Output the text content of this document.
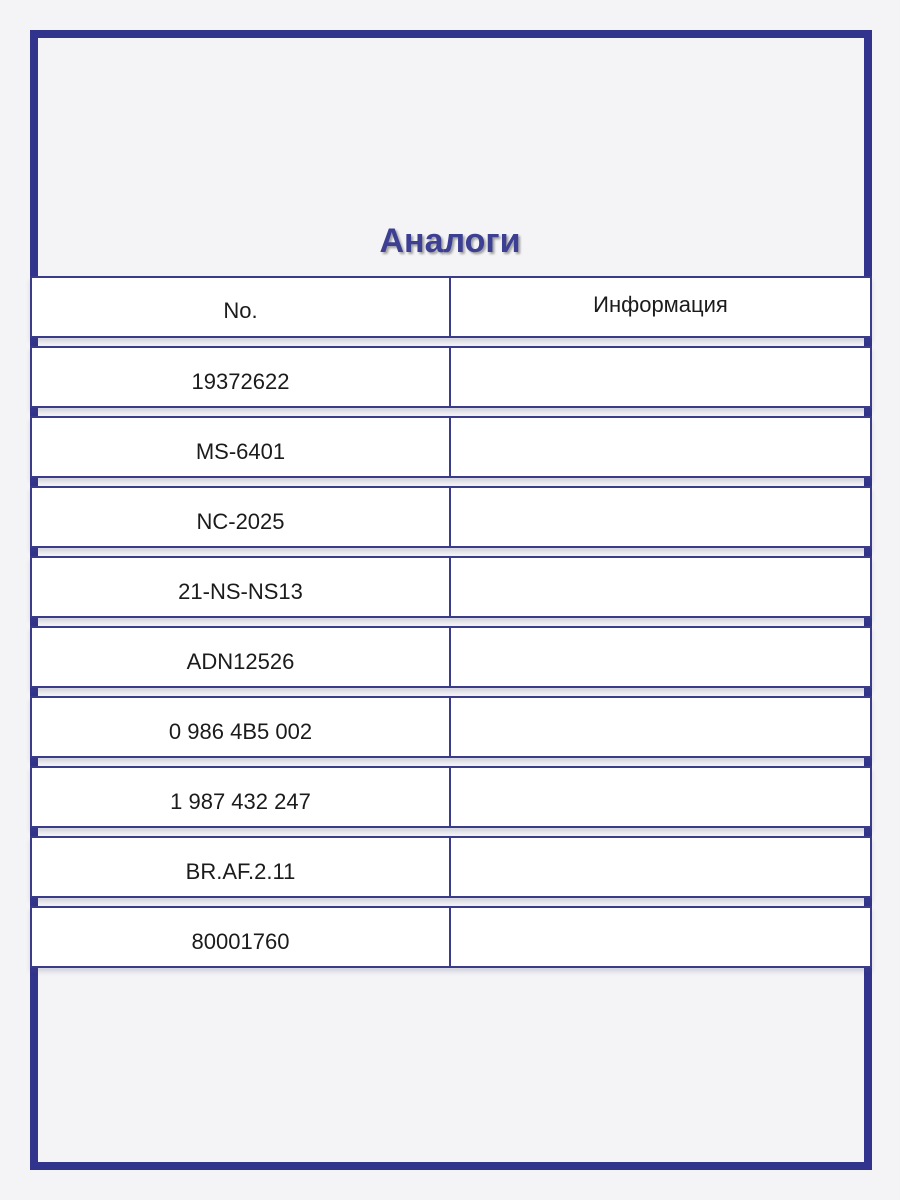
Аналоги
No.	Информация
19372622
MS-6401
NC-2025
21-NS-NS13
ADN12526
0 986 4B5 002
1 987 432 247
BR.AF.2.11
80001760
